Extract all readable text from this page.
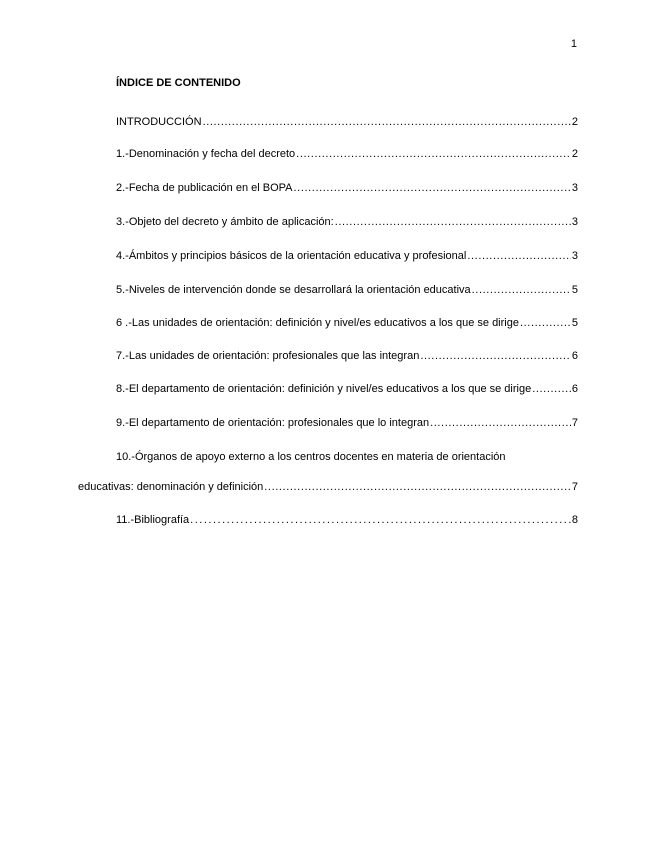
1
ÍNDICE DE CONTENIDO
INTRODUCCIÓN .....	2
1.-Denominación y fecha del decreto .....	2
2.-Fecha de publicación en el BOPA .....	3
3.-Objeto del decreto y ámbito de aplicación: .....	3
4.-Ámbitos y principios básicos de la orientación educativa y profesional .....	3
5.-Niveles de intervención donde se desarrollará la orientación educativa .....	5
6 .-Las unidades de orientación: definición y nivel/es educativos a los que se dirige .....	5
7.-Las unidades de orientación: profesionales que las integran .....	6
8.-El departamento de orientación: definición y nivel/es educativos a los que se dirige .....	6
9.-El departamento de orientación: profesionales que lo integran .....	7
10.-Órganos de apoyo externo a los centros docentes en materia de orientación
educativas: denominación y definición .....	7
11.-Bibliografía .....	8
